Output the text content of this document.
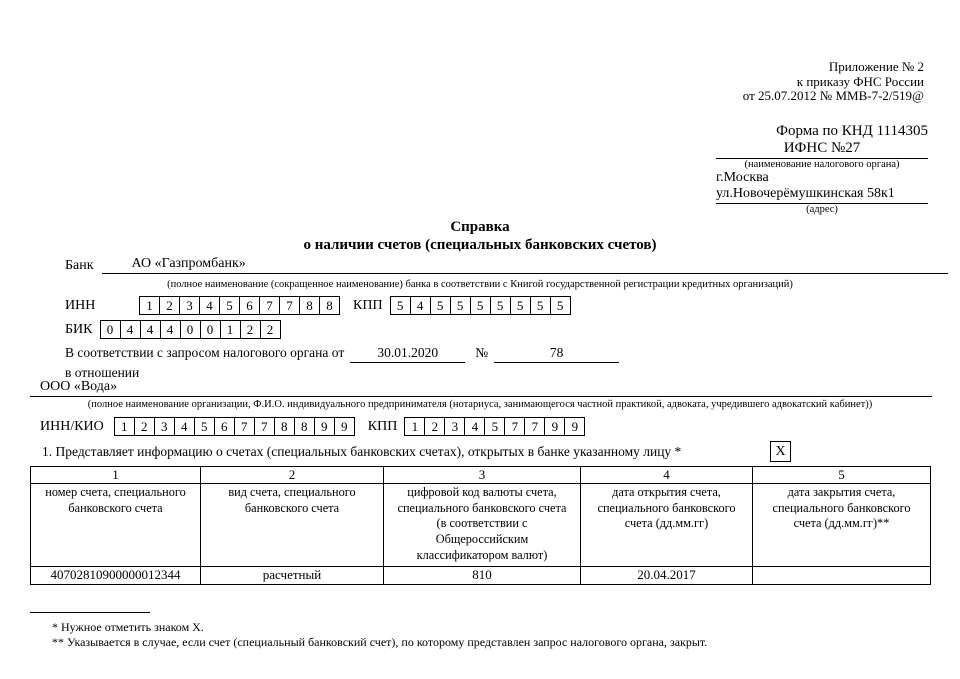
Приложение № 2
к приказу ФНС России
от 25.07.2012 № ММВ-7-2/519@
Форма по КНД 1114305
ИФНС №27
(наименование налогового органа)
г.Москва
ул.Новочерёмушкинская 58к1
(адрес)
Справка
о наличии счетов (специальных банковских счетов)
Банк	АО «Газпромбанк»
(полное наименование (сокращенное наименование) банка в соответствии с Книгой государственной регистрации кредитных организаций)
ИНН	1	2	3	4	5	6	7	7	8	8	КПП	5	4	5	5	5	5	5	5	5
БИК	0	4	4	4	0	0	1	2	2
В соответствии с запросом налогового органа от 30.01.2020	№	78
в отношении
ООО «Вода»
(полное наименование организации, Ф.И.О. индивидуального предпринимателя (нотариуса, занимающегося частной практикой, адвоката, учредившего адвокатский кабинет))
ИНН/КИО	1	2	3	4	5	6	7	7	8	8	9	9	КПП	1	2	3	4	5	7	7	9	9
1. Представляет информацию о счетах (специальных банковских счетах), открытых в банке указанному лицу *	X
1	2	3	4	5
номер счета, специального банковского счета	вид счета, специального банковского счета	цифровой код валюты счета, специального банковского счета (в соответствии с Общероссийским классификатором валют)	дата открытия счета, специального банковского счета (дд.мм.гг)	дата закрытия счета, специального банковского счета (дд.мм.гг)**
40702810900000012344	расчетный	810	20.04.2017	
* Нужное отметить знаком X.
** Указывается в случае, если счет (специальный банковский счет), по которому представлен запрос налогового органа, закрыт.
